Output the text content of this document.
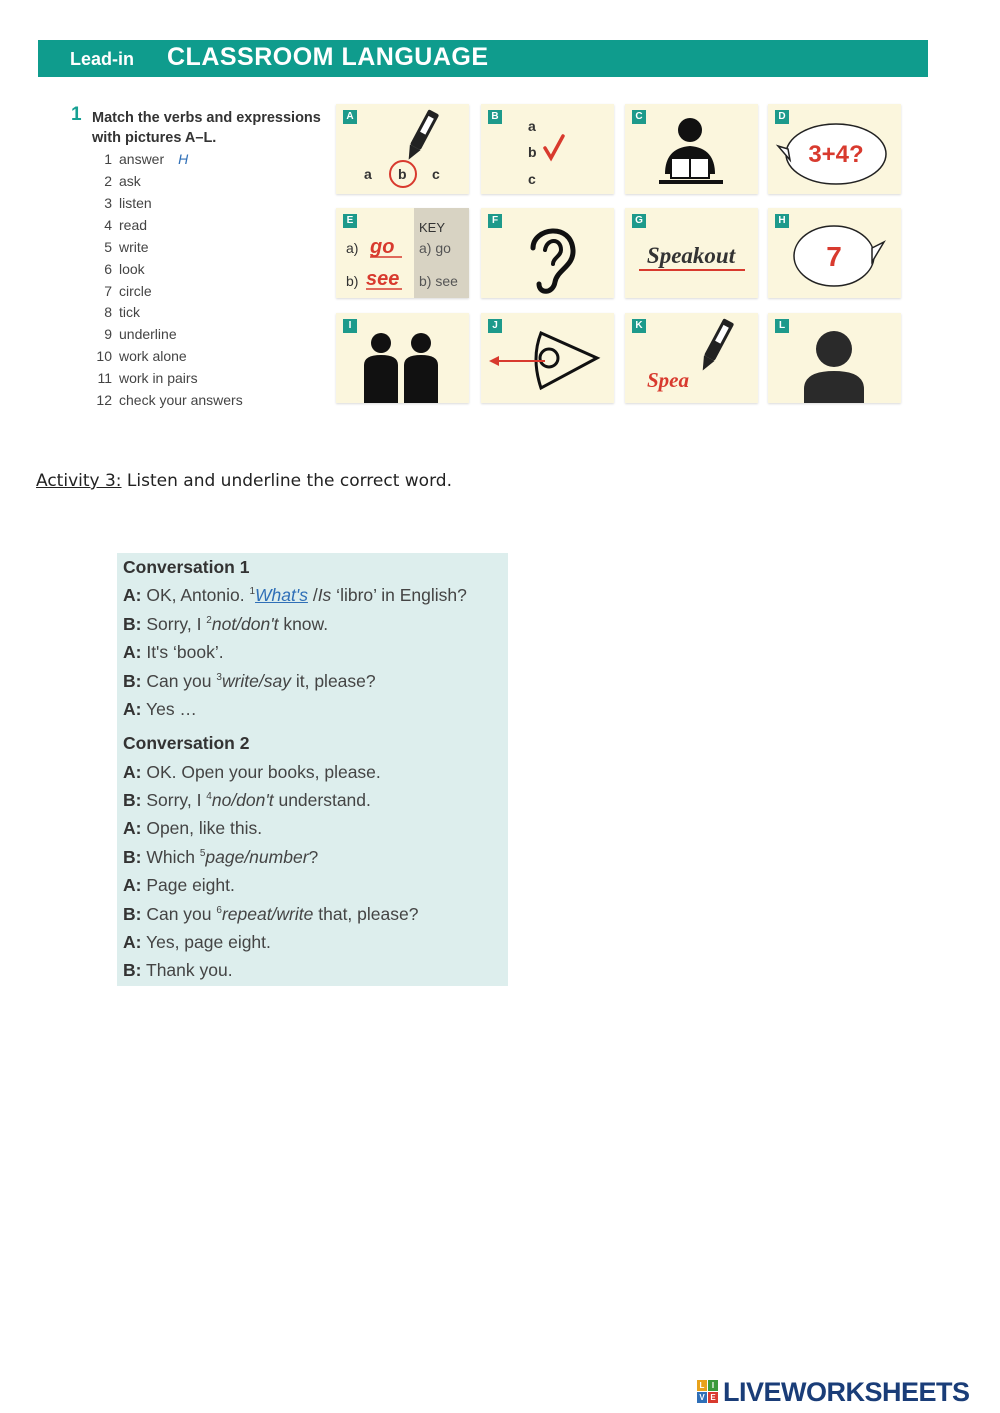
Lead-in CLASSROOM LANGUAGE
1 Match the verbs and expressions with pictures A–L.
1 answer H
2 ask
3 listen
4 read
5 write
6 look
7 circle
8 tick
9 underline
10 work alone
11 work in pairs
12 check your answers
a b c
A
a
b
c
B	C
3+4?
D
a) go
b) see
KEY
a) go
b) see
E	F
Speakout
G
7
H
I	J
Spea
K	L
Activity 3: Listen and underline the correct word.
Conversation 1
A: OK, Antonio. $^1$What's /Is ‘libro’ in English?
B: Sorry, I $^2$not/don't know.
A: It's ‘book’.
B: Can you $^3$write/say it, please?
A: Yes …
Conversation 2
A: OK. Open your books, please.
B: Sorry, I $^4$no/don't understand.
A: Open, like this.
B: Which $^5$page/number?
A: Page eight.
B: Can you $^6$repeat/write that, please?
A: Yes, page eight.
B: Thank you.
L I
V E LIVEWORKSHEETS
